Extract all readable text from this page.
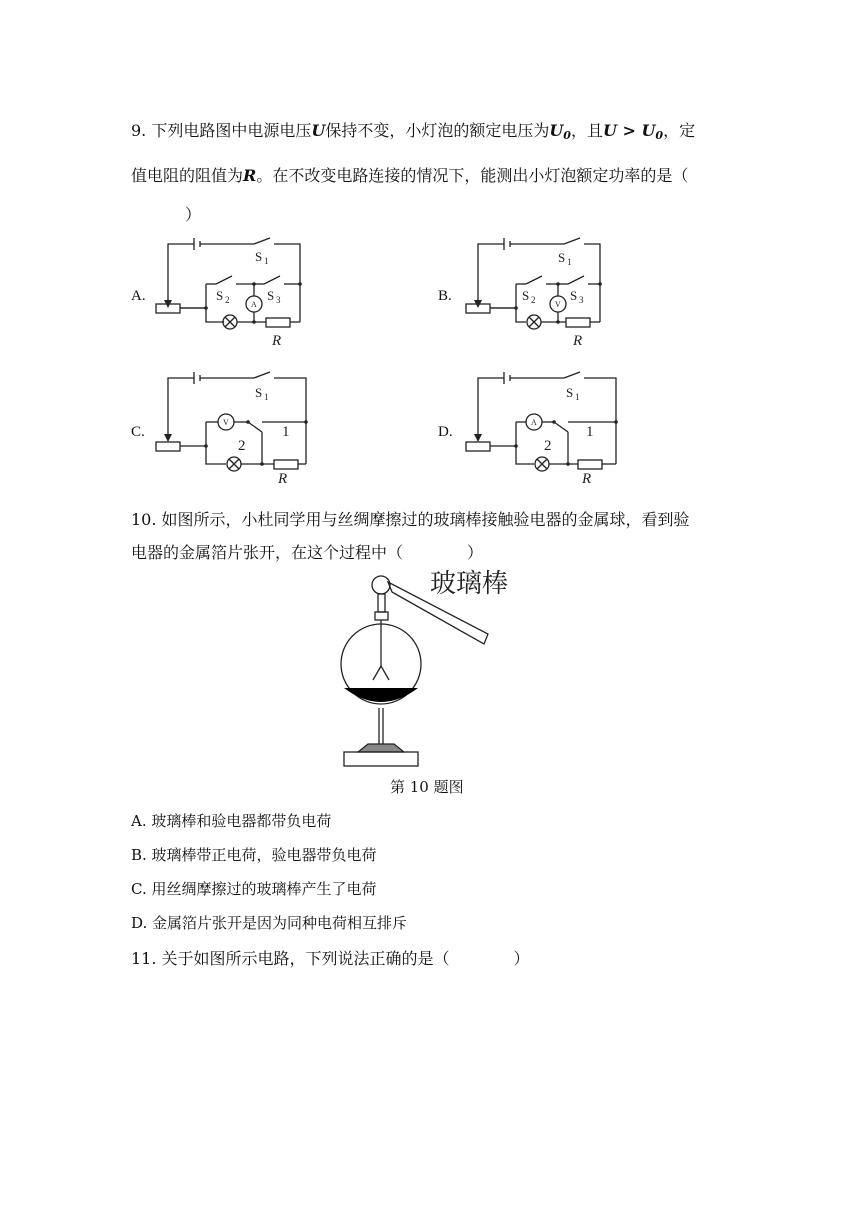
9. 下列电路图中电源电压U保持不变，小灯泡的额定电压为$U_0$，且$U > U_0$，定
值电阻的阻值为R。在不改变电路连接的情况下，能测出小灯泡额定功率的是（
）
A.	B.
C.	D.
A
S 1
S 2	S 3
R
V
S 1
S 2	S 3
R
V
S 1
1
2
R
A
S 1
1
2
R
10. 如图所示，小杜同学用与丝绸摩擦过的玻璃棒接触验电器的金属球，看到验
电器的金属箔片张开，在这个过程中（　　　　）
玻璃棒
第 10 题图
A. 玻璃棒和验电器都带负电荷
B. 玻璃棒带正电荷，验电器带负电荷
C. 用丝绸摩擦过的玻璃棒产生了电荷
D. 金属箔片张开是因为同种电荷相互排斥
11. 关于如图所示电路，下列说法正确的是（　　　　）
